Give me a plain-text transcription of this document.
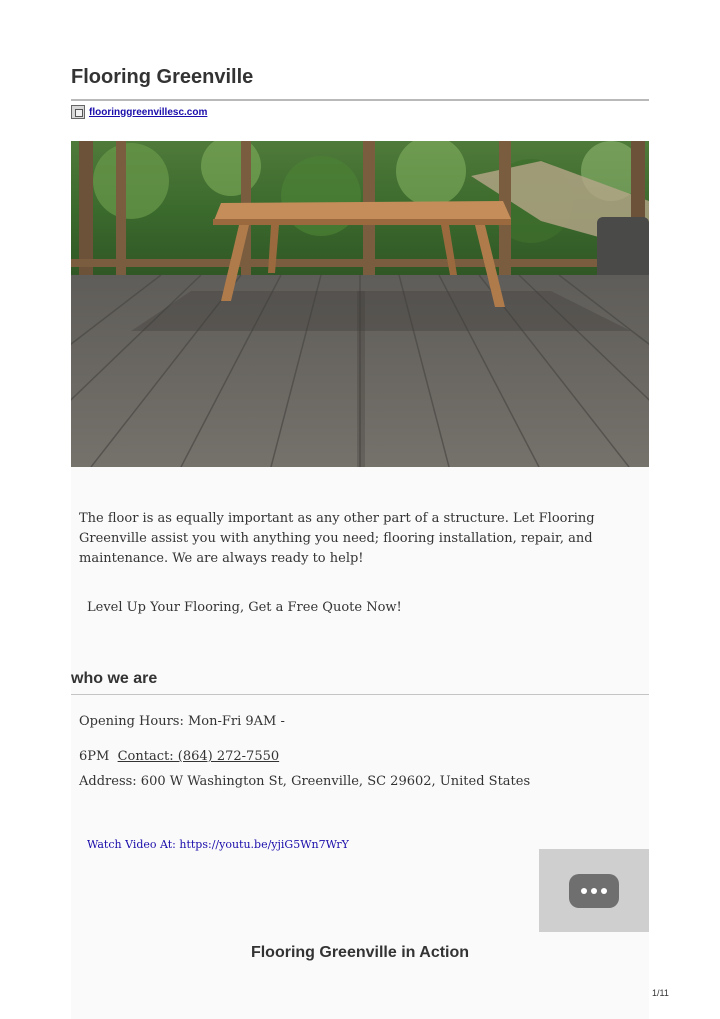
Flooring Greenville
flooringgreenvillesc.com
The floor is as equally important as any other part of a structure. Let Flooring Greenville assist you with anything you need; flooring installation, repair, and maintenance. We are always ready to help!
Level Up Your Flooring, Get a Free Quote Now!
who we are
Opening Hours: Mon-Fri 9AM -
6PM Contact: (864) 272-7550
Address: 600 W Washington St, Greenville, SC 29602, United States
Watch Video At: https://youtu.be/yjiG5Wn7WrY
Flooring Greenville in Action
1/11
